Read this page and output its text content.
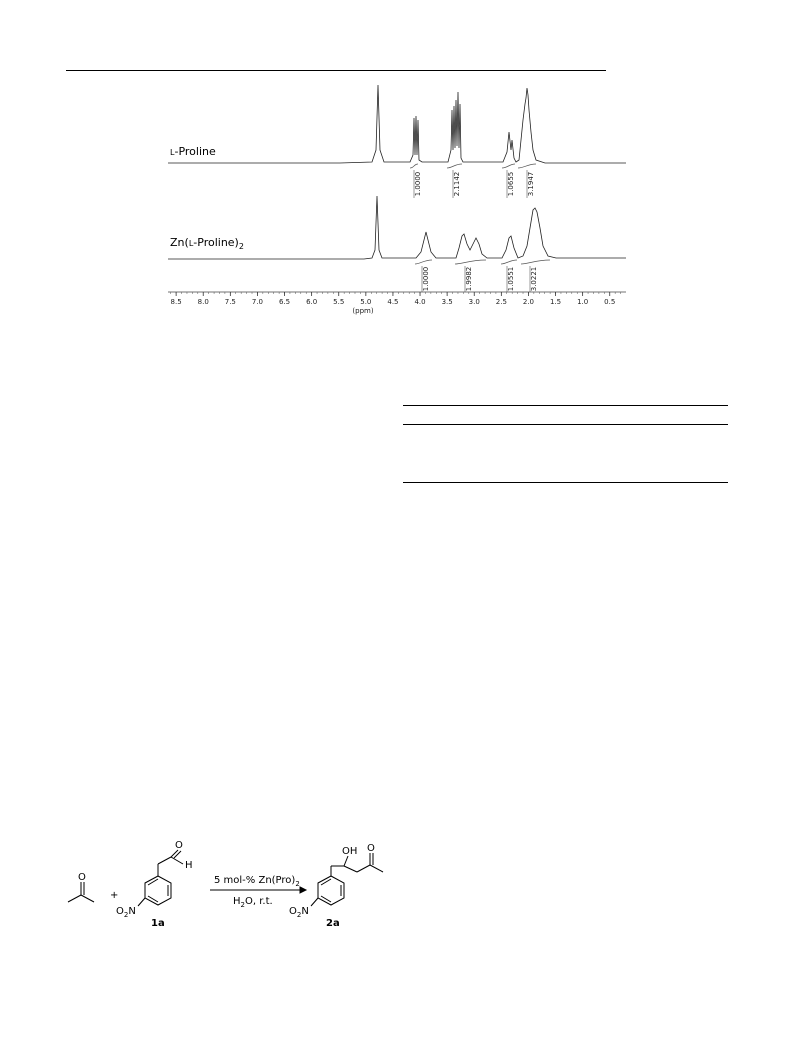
L-Proline
$Zn(L-Proline)_2$
8.5 8.0 7.5 7.0 6.5 6.0 5.5 5.0 4.5 4.0 3.5 3.0 2.5 2.0 1.5 1.0 0.5
1.0000	2.1142	1.0655 3.1947
1.0000	1.9982	1.0551 3.0221
(ppm)
O
+
O
H
$O_2N$
1a
5 mol-% $Zn(Pro)_2$
$H_2O$, r.t.
OH O
$O_2N$
2a
